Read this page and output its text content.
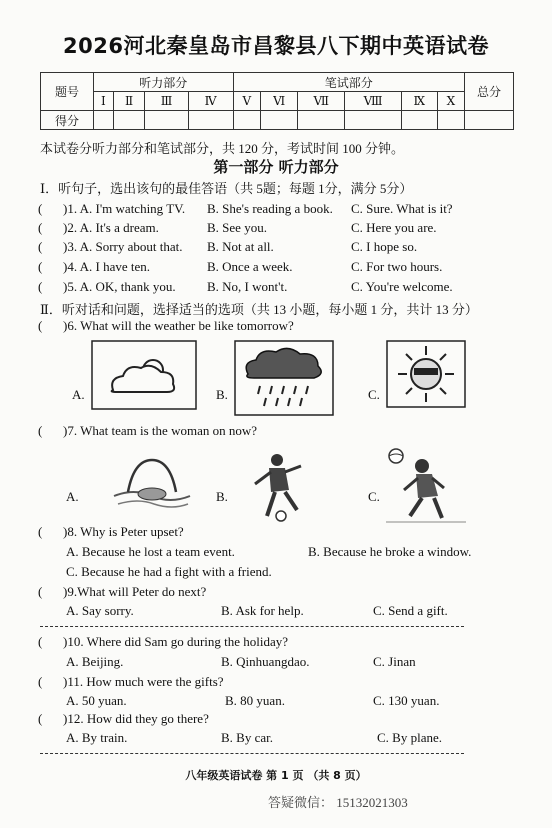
2026河北秦皇岛市昌黎县八下期中英语试卷
题号	听力部分				笔试部分						总分
	Ⅰ	Ⅱ	Ⅲ	Ⅳ	Ⅴ	Ⅵ	Ⅶ	Ⅷ	Ⅸ	Ⅹ	
得分											
本试卷分听力部分和笔试部分，共 120 分，考试时间 100 分钟。
第一部分 听力部分
Ⅰ．听句子，选出该句的最佳答语（共 5题；每题 1分，满分 5分）
( )1. A. I'm watching TV. B. She's reading a book. C. Sure. What is it?
( )2. A. It's a dream.	B. See you.	C. Here you are.
( )3. A. Sorry about that. B. Not at all.	C. I hope so.
( )4. A. I have ten.	B. Once a week.	C. For two hours.
( )5. A. OK, thank you. B. No, I wont't.	C. You're welcome.
Ⅱ．听对话和问题，选择适当的选项（共 13 小题，每小题 1 分，共计 13 分）
( )6. What will the weather be like tomorrow?
A.	B.	C.
( )7. What team is the woman on now?
A.	B.	C.
( )8. Why is Peter upset?
A. Because he lost a team event.	B. Because he broke a window.
C. Because he had a fight with a friend.
( )9.What will Peter do next?
A. Say sorry.	B. Ask for help.	C. Send a gift.
( )10. Where did Sam go during the holiday?
A. Beijing.	B. Qinhuangdao.	C. Jinan
( )11. How much were the gifts?
A. 50 yuan.	B. 80 yuan.	C. 130 yuan.
( )12. How did they go there?
A. By train.	B. By car.	C. By plane.
八年级英语试卷 第 1 页 （共 8 页）
答疑微信： 15132021303
